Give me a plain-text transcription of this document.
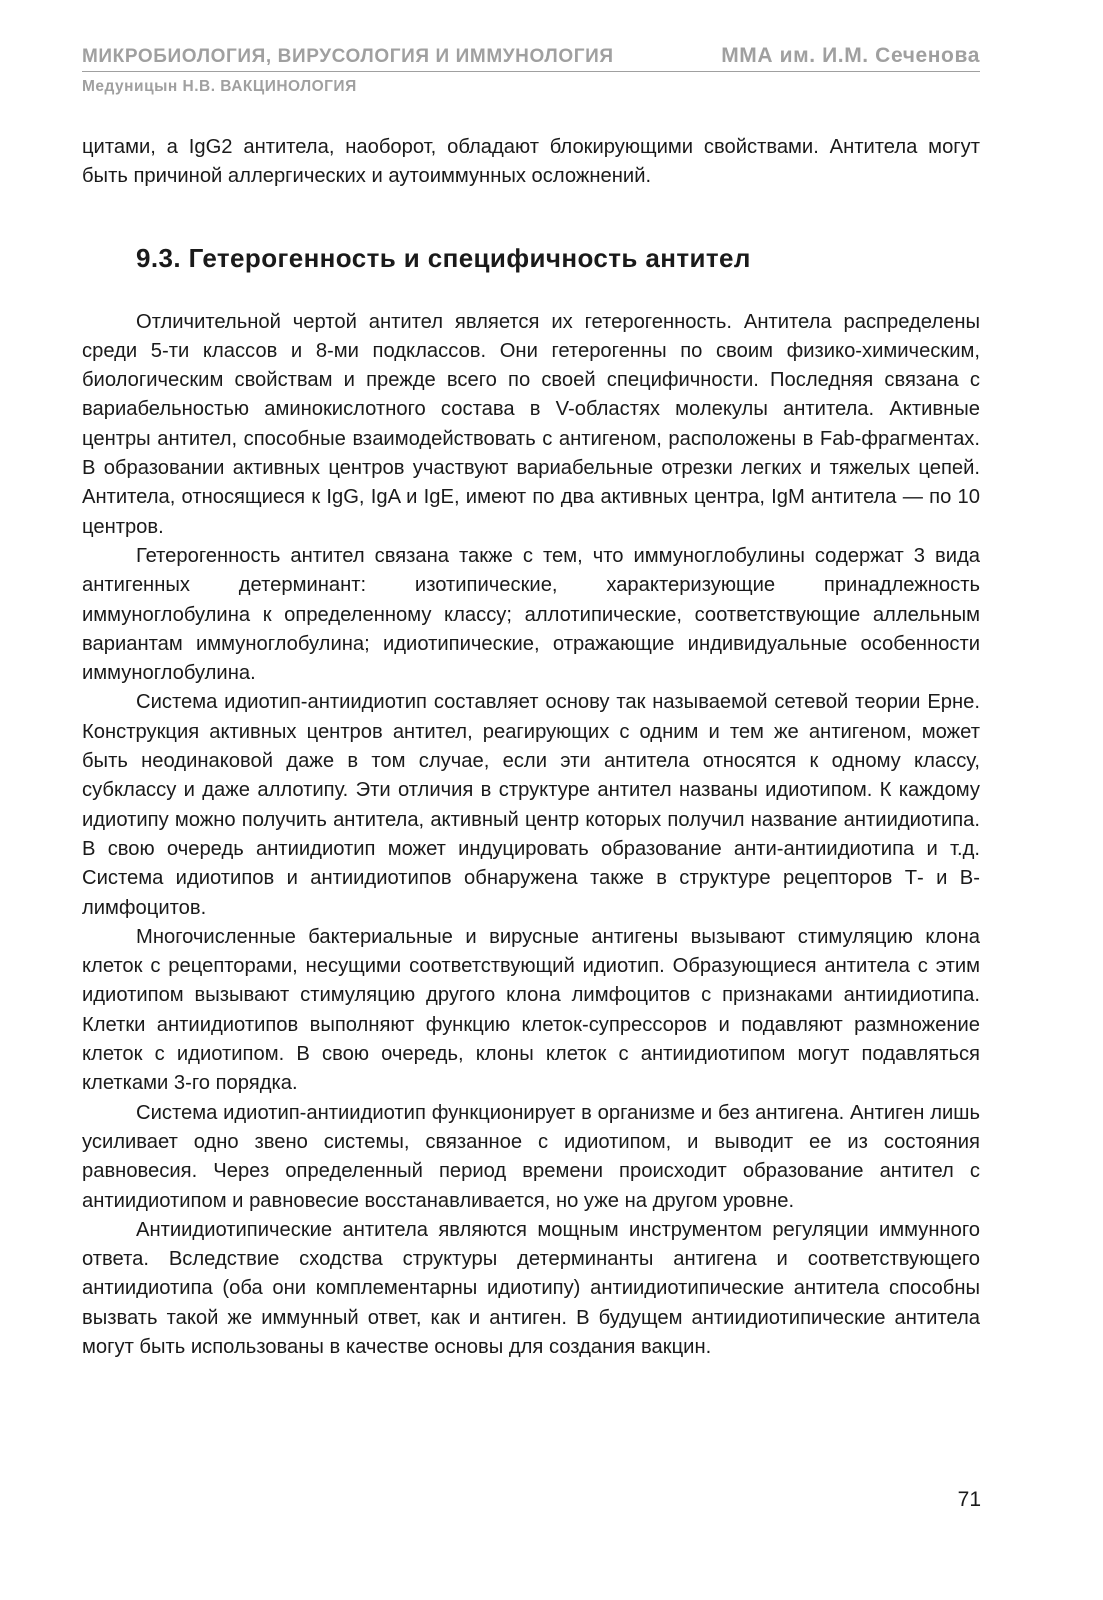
МИКРОБИОЛОГИЯ, ВИРУСОЛОГИЯ И ИММУНОЛОГИЯ	ММА им. И.М. Сеченова
Медуницын Н.В. ВАКЦИНОЛОГИЯ

цитами, а IgG2 антитела, наоборот, обладают блокирующими свойствами. Антитела могут быть причиной аллергических и аутоиммунных осложнений.

9.3. Гетерогенность и специфичность антител

Отличительной чертой антител является их гетерогенность. Антитела распределены среди 5-ти классов и 8-ми подклассов. Они гетерогенны по своим физико-химическим, биологическим свойствам и прежде всего по своей специфичности. Последняя связана с вариабельностью аминокислотного состава в V-областях молекулы антитела. Активные центры антител, способные взаимодействовать с антигеном, расположены в Fab-фрагментах. В образовании активных центров участвуют вариабельные отрезки легких и тяжелых цепей. Антитела, относящиеся к IgG, IgA и IgE, имеют по два активных центра, IgM антитела — по 10 центров.

Гетерогенность антител связана также с тем, что иммуноглобулины содержат 3 вида антигенных детерминант: изотипические, характеризующие принадлежность иммуноглобулина к определенному классу; аллотипические, соответствующие аллельным вариантам иммуноглобулина; идиотипические, отражающие индивидуальные особенности иммуноглобулина.

Система идиотип-антиидиотип составляет основу так называемой сетевой теории Ерне. Конструкция активных центров антител, реагирующих с одним и тем же антигеном, может быть неодинаковой даже в том случае, если эти антитела относятся к одному классу, субклассу и даже аллотипу. Эти отличия в структуре антител названы идиотипом. К каждому идиотипу можно получить антитела, активный центр которых получил название антиидиотипа. В свою очередь антиидиотип может индуцировать образование анти-антиидиотипа и т.д. Система идиотипов и антиидиотипов обнаружена также в структуре рецепторов Т- и В- лимфоцитов.

Многочисленные бактериальные и вирусные антигены вызывают стимуляцию клона клеток с рецепторами, несущими соответствующий идиотип. Образующиеся антитела с этим идиотипом вызывают стимуляцию другого клона лимфоцитов с признаками антиидиотипа. Клетки антиидиотипов выполняют функцию клеток-супрессоров и подавляют размножение клеток с идиотипом. В свою очередь, клоны клеток с антиидиотипом могут подавляться клетками 3-го порядка.

Система идиотип-антиидиотип функционирует в организме и без антигена. Антиген лишь усиливает одно звено системы, связанное с идиотипом, и выводит ее из состояния равновесия. Через определенный период времени происходит образование антител с антиидиотипом и равновесие восстанавливается, но уже на другом уровне.

Антиидиотипические антитела являются мощным инструментом регуляции иммунного ответа. Вследствие сходства структуры детерминанты антигена и соответствующего антиидиотипа (оба они комплементарны идиотипу) антиидиотипические антитела способны вызвать такой же иммунный ответ, как и антиген. В будущем антиидиотипические антитела могут быть использованы в качестве основы для создания вакцин.

71
